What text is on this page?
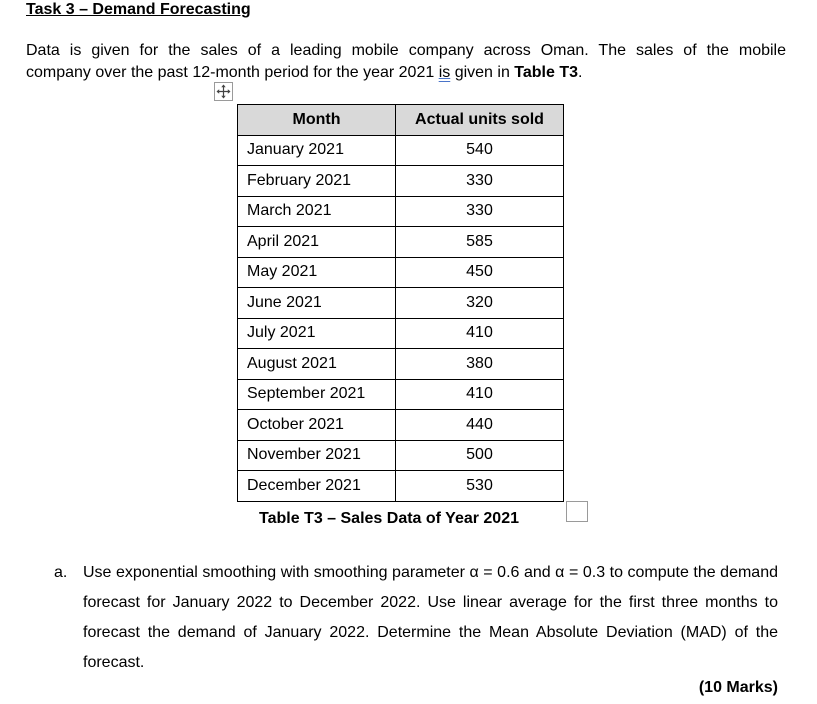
Task 3 – Demand Forecasting
Data is given for the sales of a leading mobile company across Oman. The sales of the mobile
company over the past 12-month period for the year 2021 is given in Table T3.
Month	Actual units sold
January 2021	540
February 2021	330
March 2021	330
April 2021	585
May 2021	450
June 2021	320
July 2021	410
August 2021	380
September 2021	410
October 2021	440
November 2021	500
December 2021	530
Table T3 – Sales Data of Year 2021
a. Use exponential smoothing with smoothing parameter α = 0.6 and α = 0.3 to compute the demand forecast for January 2022 to December 2022. Use linear average for the first three months to forecast the demand of January 2022. Determine the Mean Absolute Deviation (MAD) of the forecast.
(10 Marks)
